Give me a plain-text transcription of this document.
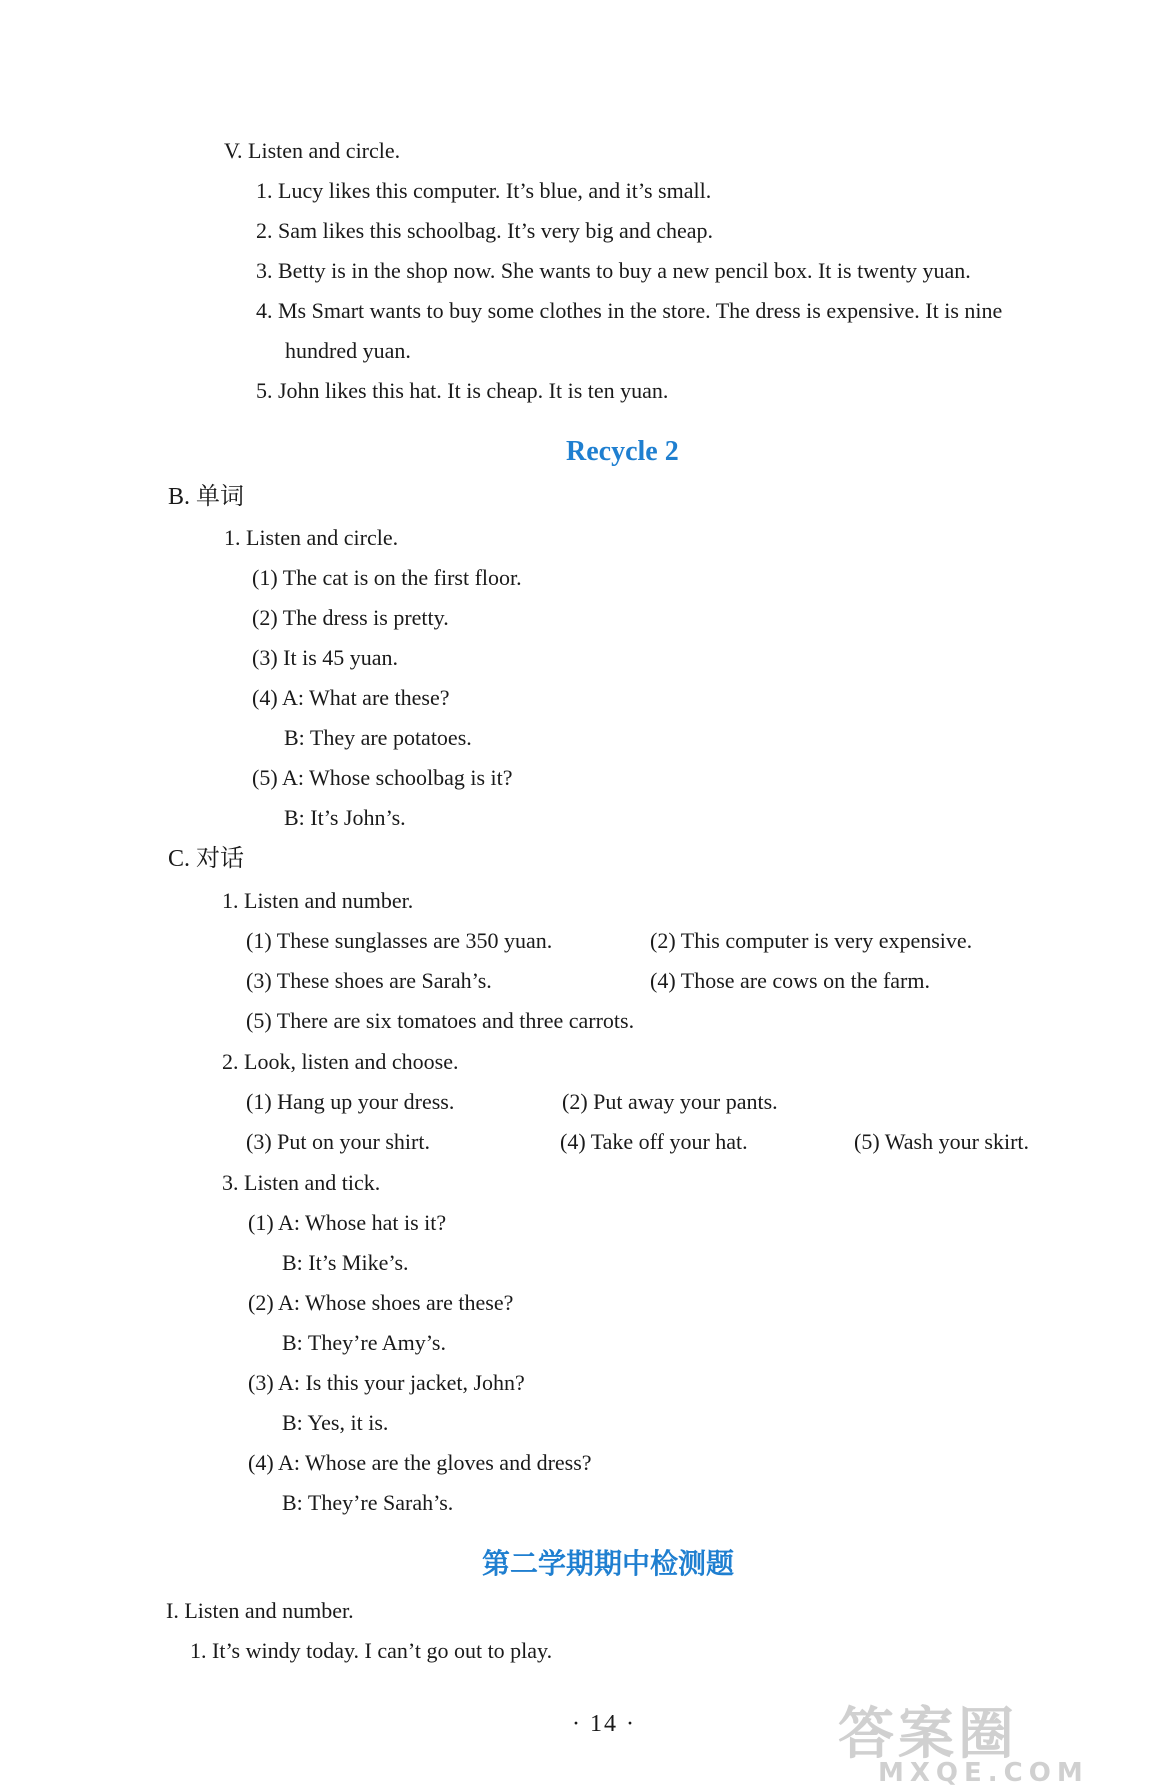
V. Listen and circle.
1. Lucy likes this computer. It’s blue, and it’s small.
2. Sam likes this schoolbag. It’s very big and cheap.
3. Betty is in the shop now. She wants to buy a new pencil box. It is twenty yuan.
4. Ms Smart wants to buy some clothes in the store. The dress is expensive. It is nine
hundred yuan.
5. John likes this hat. It is cheap. It is ten yuan.
Recycle 2
B. 单词
1. Listen and circle.
(1) The cat is on the first floor.
(2) The dress is pretty.
(3) It is 45 yuan.
(4) A: What are these?
B: They are potatoes.
(5) A: Whose schoolbag is it?
B: It’s John’s.
C. 对话
1. Listen and number.
(1) These sunglasses are 350 yuan.	(2) This computer is very expensive.
(3) These shoes are Sarah’s.	(4) Those are cows on the farm.
(5) There are six tomatoes and three carrots.
2. Look, listen and choose.
(1) Hang up your dress.	(2) Put away your pants.
(3) Put on your shirt.	(4) Take off your hat.	(5) Wash your skirt.
3. Listen and tick.
(1) A: Whose hat is it?
B: It’s Mike’s.
(2) A: Whose shoes are these?
B: They’re Amy’s.
(3) A: Is this your jacket, John?
B: Yes, it is.
(4) A: Whose are the gloves and dress?
B: They’re Sarah’s.
第二学期期中检测题
I. Listen and number.
1. It’s windy today. I can’t go out to play.
· 14 ·	答案圈
MXQE.COM
